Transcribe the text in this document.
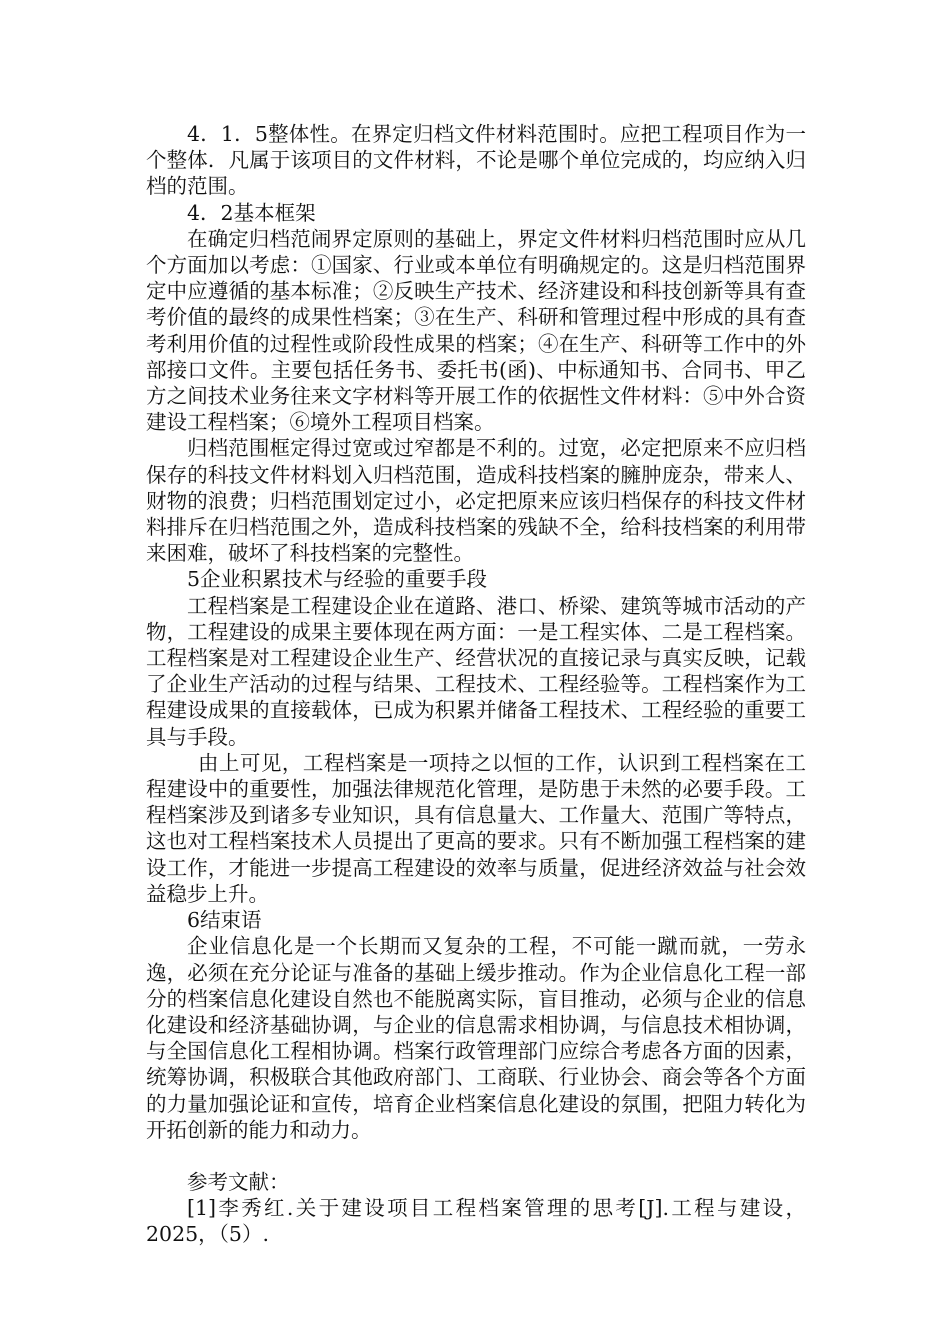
4．1．5整体性。在界定归档文件材料范围时。应把工程项目作为一个整体．凡属于该项目的文件材料，不论是哪个单位完成的，均应纳入归档的范围。

4．2基本框架

在确定归档范闹界定原则的基础上，界定文件材料归档范围时应从几个方面加以考虑：①国家、行业或本单位有明确规定的。这是归档范围界定中应遵循的基本标准；②反映生产技术、经济建设和科技创新等具有查考价值的最终的成果性档案；③在生产、科研和管理过程中形成的具有查考利用价值的过程性或阶段性成果的档案；④在生产、科研等工作中的外部接口文件。主要包括任务书、委托书(函)、中标通知书、合同书、甲乙方之间技术业务往来文字材料等开展工作的依据性文件材料：⑤中外合资建设工程档案；⑥境外工程项目档案。

归档范围框定得过宽或过窄都是不利的。过宽，必定把原来不应归档保存的科技文件材料划入归档范围，造成科技档案的臃肿庞杂，带来人、财物的浪费；归档范围划定过小，必定把原来应该归档保存的科技文件材料排斥在归档范围之外，造成科技档案的残缺不全，给科技档案的利用带来困难，破坏了科技档案的完整性。

5企业积累技术与经验的重要手段

工程档案是工程建设企业在道路、港口、桥梁、建筑等城市活动的产物，工程建设的成果主要体现在两方面：一是工程实体、二是工程档案。工程档案是对工程建设企业生产、经营状况的直接记录与真实反映，记载了企业生产活动的过程与结果、工程技术、工程经验等。工程档案作为工程建设成果的直接载体，已成为积累并储备工程技术、工程经验的重要工具与手段。

由上可见，工程档案是一项持之以恒的工作，认识到工程档案在工程建设中的重要性，加强法律规范化管理，是防患于未然的必要手段。工程档案涉及到诸多专业知识，具有信息量大、工作量大、范围广等特点，这也对工程档案技术人员提出了更高的要求。只有不断加强工程档案的建设工作，才能进一步提高工程建设的效率与质量，促进经济效益与社会效益稳步上升。

6结束语

企业信息化是一个长期而又复杂的工程，不可能一蹴而就，一劳永逸，必须在充分论证与准备的基础上缓步推动。作为企业信息化工程一部分的档案信息化建设自然也不能脱离实际，盲目推动，必须与企业的信息化建设和经济基础协调，与企业的信息需求相协调，与信息技术相协调，与全国信息化工程相协调。档案行政管理部门应综合考虑各方面的因素，统筹协调，积极联合其他政府部门、工商联、行业协会、商会等各个方面的力量加强论证和宣传，培育企业档案信息化建设的氛围，把阻力转化为开拓创新的能力和动力。

参考文献：

[1]李秀红.关于建设项目工程档案管理的思考[J].工程与建设，2025，（5）.
